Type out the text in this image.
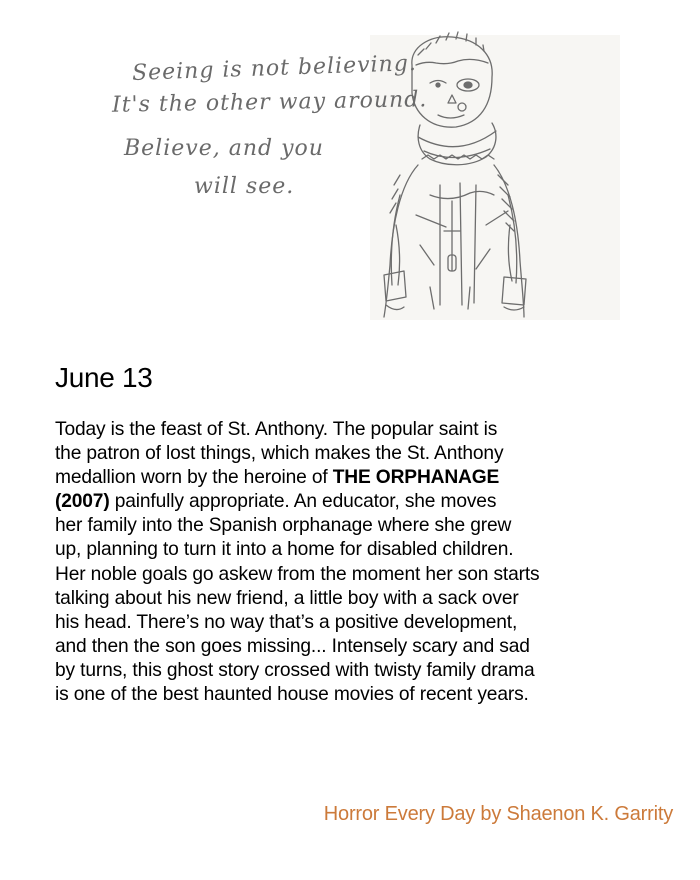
Seeing is not believing.
It's the other way around.
Believe, and you
will see.
June 13

Today is the feast of St. Anthony. The popular saint is
the patron of lost things, which makes the St. Anthony
medallion worn by the heroine of THE ORPHANAGE
(2007) painfully appropriate. An educator, she moves
her family into the Spanish orphanage where she grew
up, planning to turn it into a home for disabled children.
Her noble goals go askew from the moment her son starts
talking about his new friend, a little boy with a sack over
his head. There’s no way that’s a positive development,
and then the son goes missing... Intensely scary and sad
by turns, this ghost story crossed with twisty family drama
is one of the best haunted house movies of recent years.

Horror Every Day by Shaenon K. Garrity
